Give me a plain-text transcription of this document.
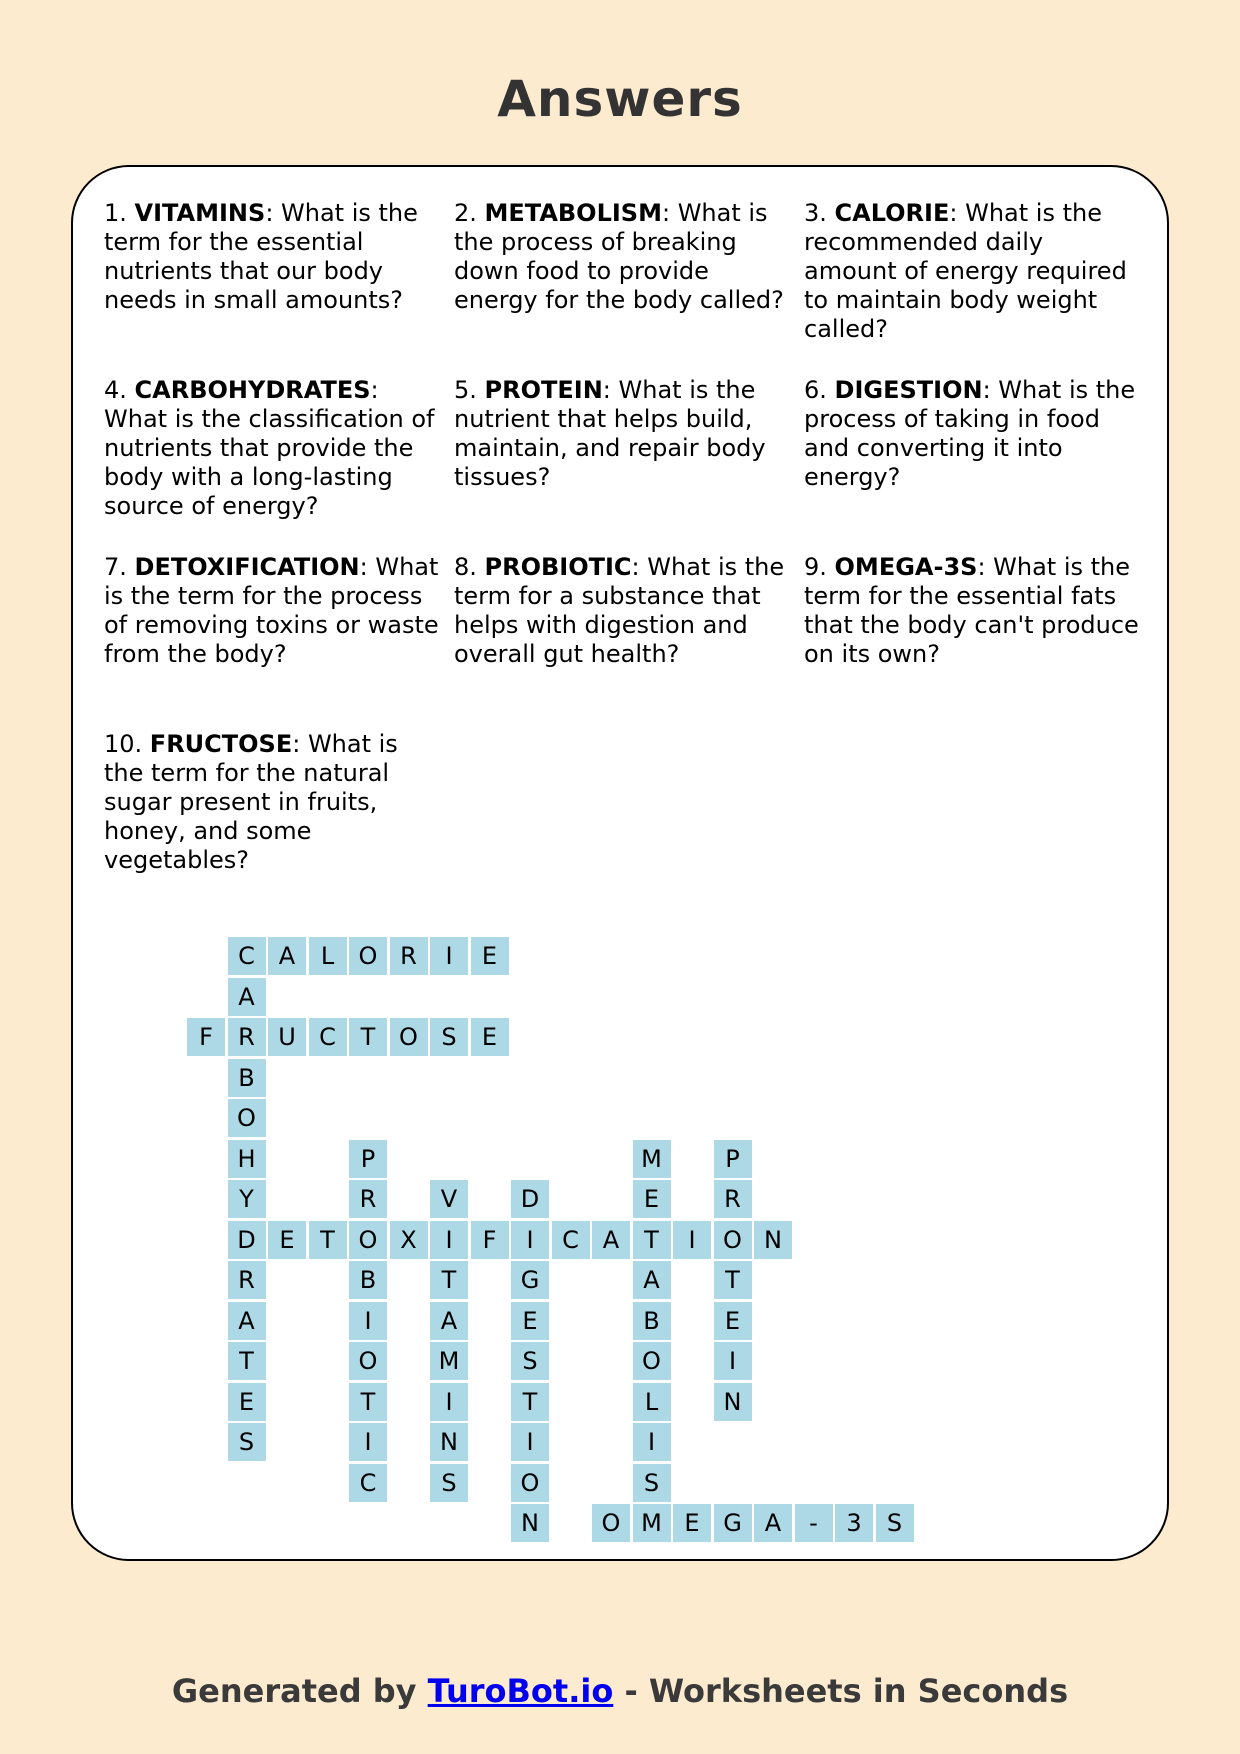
Answers
1. VITAMINS: What is the term for the essential nutrients that our body needs in small amounts?
2. METABOLISM: What is the process of breaking down food to provide energy for the body called?
3. CALORIE: What is the recommended daily amount of energy required to maintain body weight called?
4. CARBOHYDRATES: What is the classification of nutrients that provide the body with a long-lasting source of energy?
5. PROTEIN: What is the nutrient that helps build, maintain, and repair body tissues?
6. DIGESTION: What is the process of taking in food and converting it into energy?
7. DETOXIFICATION: What is the term for the process of removing toxins or waste from the body?
8. PROBIOTIC: What is the term for a substance that helps with digestion and overall gut health?
9. OMEGA-3S: What is the term for the essential fats that the body can't produce on its own?
10. FRUCTOSE: What is the term for the natural sugar present in fruits, honey, and some vegetables?
C A	L	O R	I	E
F	R U C	T O S	E
A
B
O
H
Y
D
R
A
T
E
S
E	T O X	I	F	I	C A	T	I	O N
P
R
B
I
O
T
I
C
V
T
A
M
I
N
S
D
G
E
S
T
I
O
N
M
E
A
B
O
L
I
S
M
P
R
T
E
I
N
O	E G A	-	3	S
Generated by TuroBot.io - Worksheets in Seconds
